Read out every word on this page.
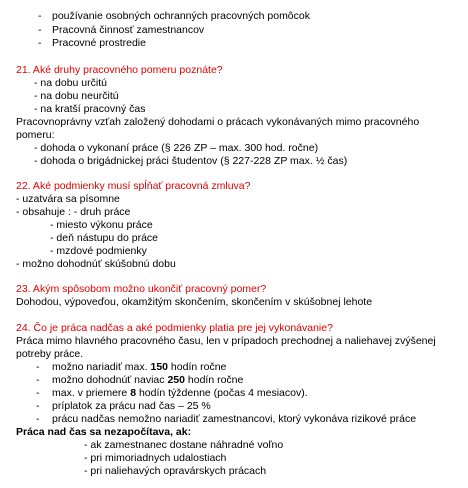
- používanie osobných ochranných pracovných pomôcok
- Pracovná činnosť zamestnancov
- Pracovné prostredie
21. Aké druhy pracovného pomeru poznáte?
- na dobu určitú
- na dobu neurčitú
- na kratší pracovný čas
Pracovnoprávny vzťah založený dohodami o prácach vykonávaných mimo pracovného
pomeru:
- dohoda o vykonaní práce (§ 226 ZP – max. 300 hod. ročne)
- dohoda o brigádnickej práci študentov (§ 227-228 ZP max. ½ čas)
22. Aké podmienky musí spĺňať pracovná zmluva?
- uzatvára sa písomne
- obsahuje : - druh práce
- miesto výkonu práce
- deň nástupu do práce
- mzdové podmienky
- možno dohodnúť skúšobnú dobu
23. Akým spôsobom možno ukončiť pracovný pomer?
Dohodou, výpoveďou, okamžitým skončením, skončením v skúšobnej lehote
24. Čo je práca nadčas a aké podmienky platia pre jej vykonávanie?
Práca mimo hlavného pracovného času, len v prípadoch prechodnej a naliehavej zvýšenej
potreby práce.
- možno nariadiť max. 150 hodín ročne
- možno dohodnúť naviac 250 hodín ročne
- max. v priemere 8 hodín týždenne (počas 4 mesiacov).
- príplatok za prácu nad čas – 25 %
- prácu nadčas nemožno nariadiť zamestnancovi, ktorý vykonáva rizikové práce
Práca nad čas sa nezapočítava, ak:
- ak zamestnanec dostane náhradné voľno
- pri mimoriadnych udalostiach
- pri naliehavých opravárskych prácach
